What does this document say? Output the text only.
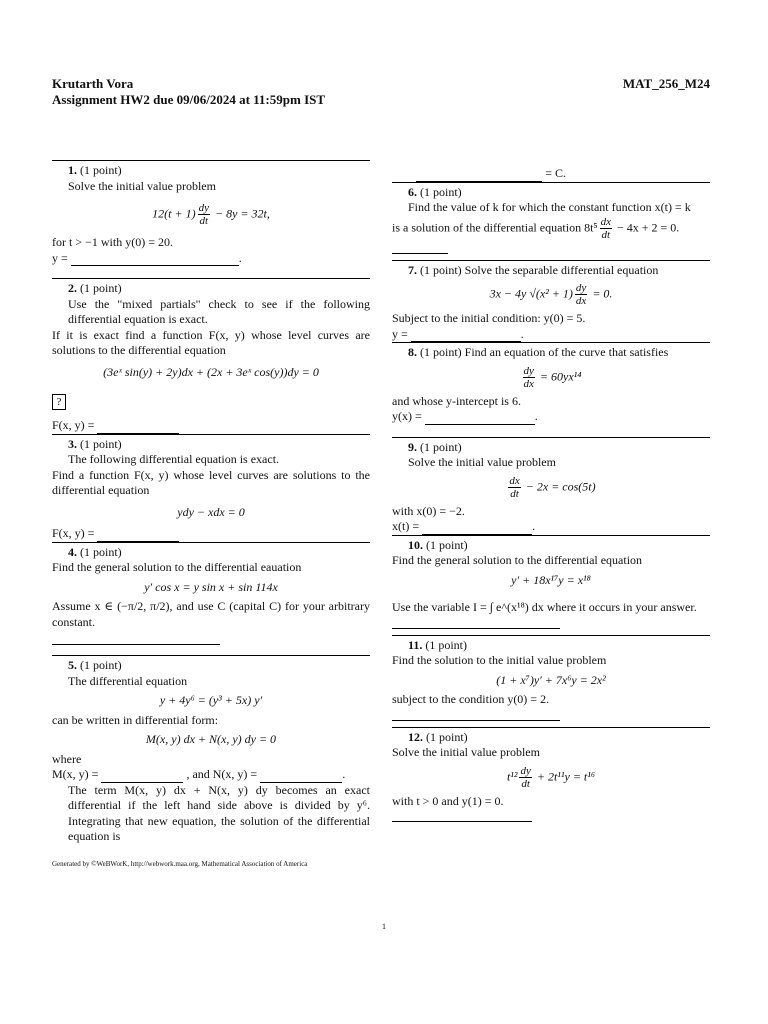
Krutarth Vora
Assignment HW2 due 09/06/2024 at 11:59pm IST
MAT_256_M24
1. (1 point)
Solve the initial value problem
$12(t + 1) \frac{dy}{dt} - 8y = 32t$,
for t > −1 with y(0) = 20.
y =	.
2. (1 point)
Use the "mixed partials" check to see if the following differential equation is exact.
If it is exact find a function F(x, y) whose level curves are solutions to the differential equation
(3eˣ sin(y) + 2y)dx + (2x + 3eˣ cos(y))dy = 0
?
F(x, y) =
3. (1 point)
The following differential equation is exact.
Find a function F(x, y) whose level curves are solutions to the differential equation
ydy − xdx = 0
F(x, y) =
4. (1 point)
Find the general solution to the differential eauation
y′ cos x = y sin x + sin 114x
Assume x ∈ (−π/2, π/2), and use C (capital C) for your arbitrary constant.
5. (1 point)
The differential equation
y + 4y⁶ = (y³ + 5x) y′
can be written in differential form:
M(x, y) dx + N(x, y) dy = 0
where
M(x, y) =	, and N(x, y) =	.
The term M(x, y) dx + N(x, y) dy becomes an exact differential if the left hand side above is divided by y⁶. Integrating that new equation, the solution of the differential equation is
= C.
6. (1 point)
Find the value of k for which the constant function x(t) = k
is a solution of the differential equation $8t^5 \frac{dx}{dt} - 4x + 2 = 0$.
7. (1 point) Solve the separable differential equation
3x − 4y $√(x^2 + 1) \frac{dy}{dx} = 0$.
Subject to the initial condition: y(0) = 5.
y =	.
8. (1 point) Find an equation of the curve that satisfies
$\frac{dy}{dx} = 60yx^{14}$
and whose y-intercept is 6.
y(x) =	.
9. (1 point)
Solve the initial value problem
$\frac{dx}{dt} - 2x = \cos(5t)$
with x(0) = −2.
x(t) =	.
10. (1 point)
Find the general solution to the differential equation
y′ + 18x¹⁷y = x¹⁸
Use the variable I = ∫ e^(x¹⁸) dx where it occurs in your answer.
11. (1 point)
Find the solution to the initial value problem
(1 + x⁷)y′ + 7x⁶y = 2x²
subject to the condition y(0) = 2.
12. (1 point)
Solve the initial value problem
$t^{12} \frac{dy}{dt} + 2t^{11}y = t^{16}$
with t > 0 and y(1) = 0.
Generated by ©WeBWorK, http://webwork.maa.org, Mathematical Association of America
1
